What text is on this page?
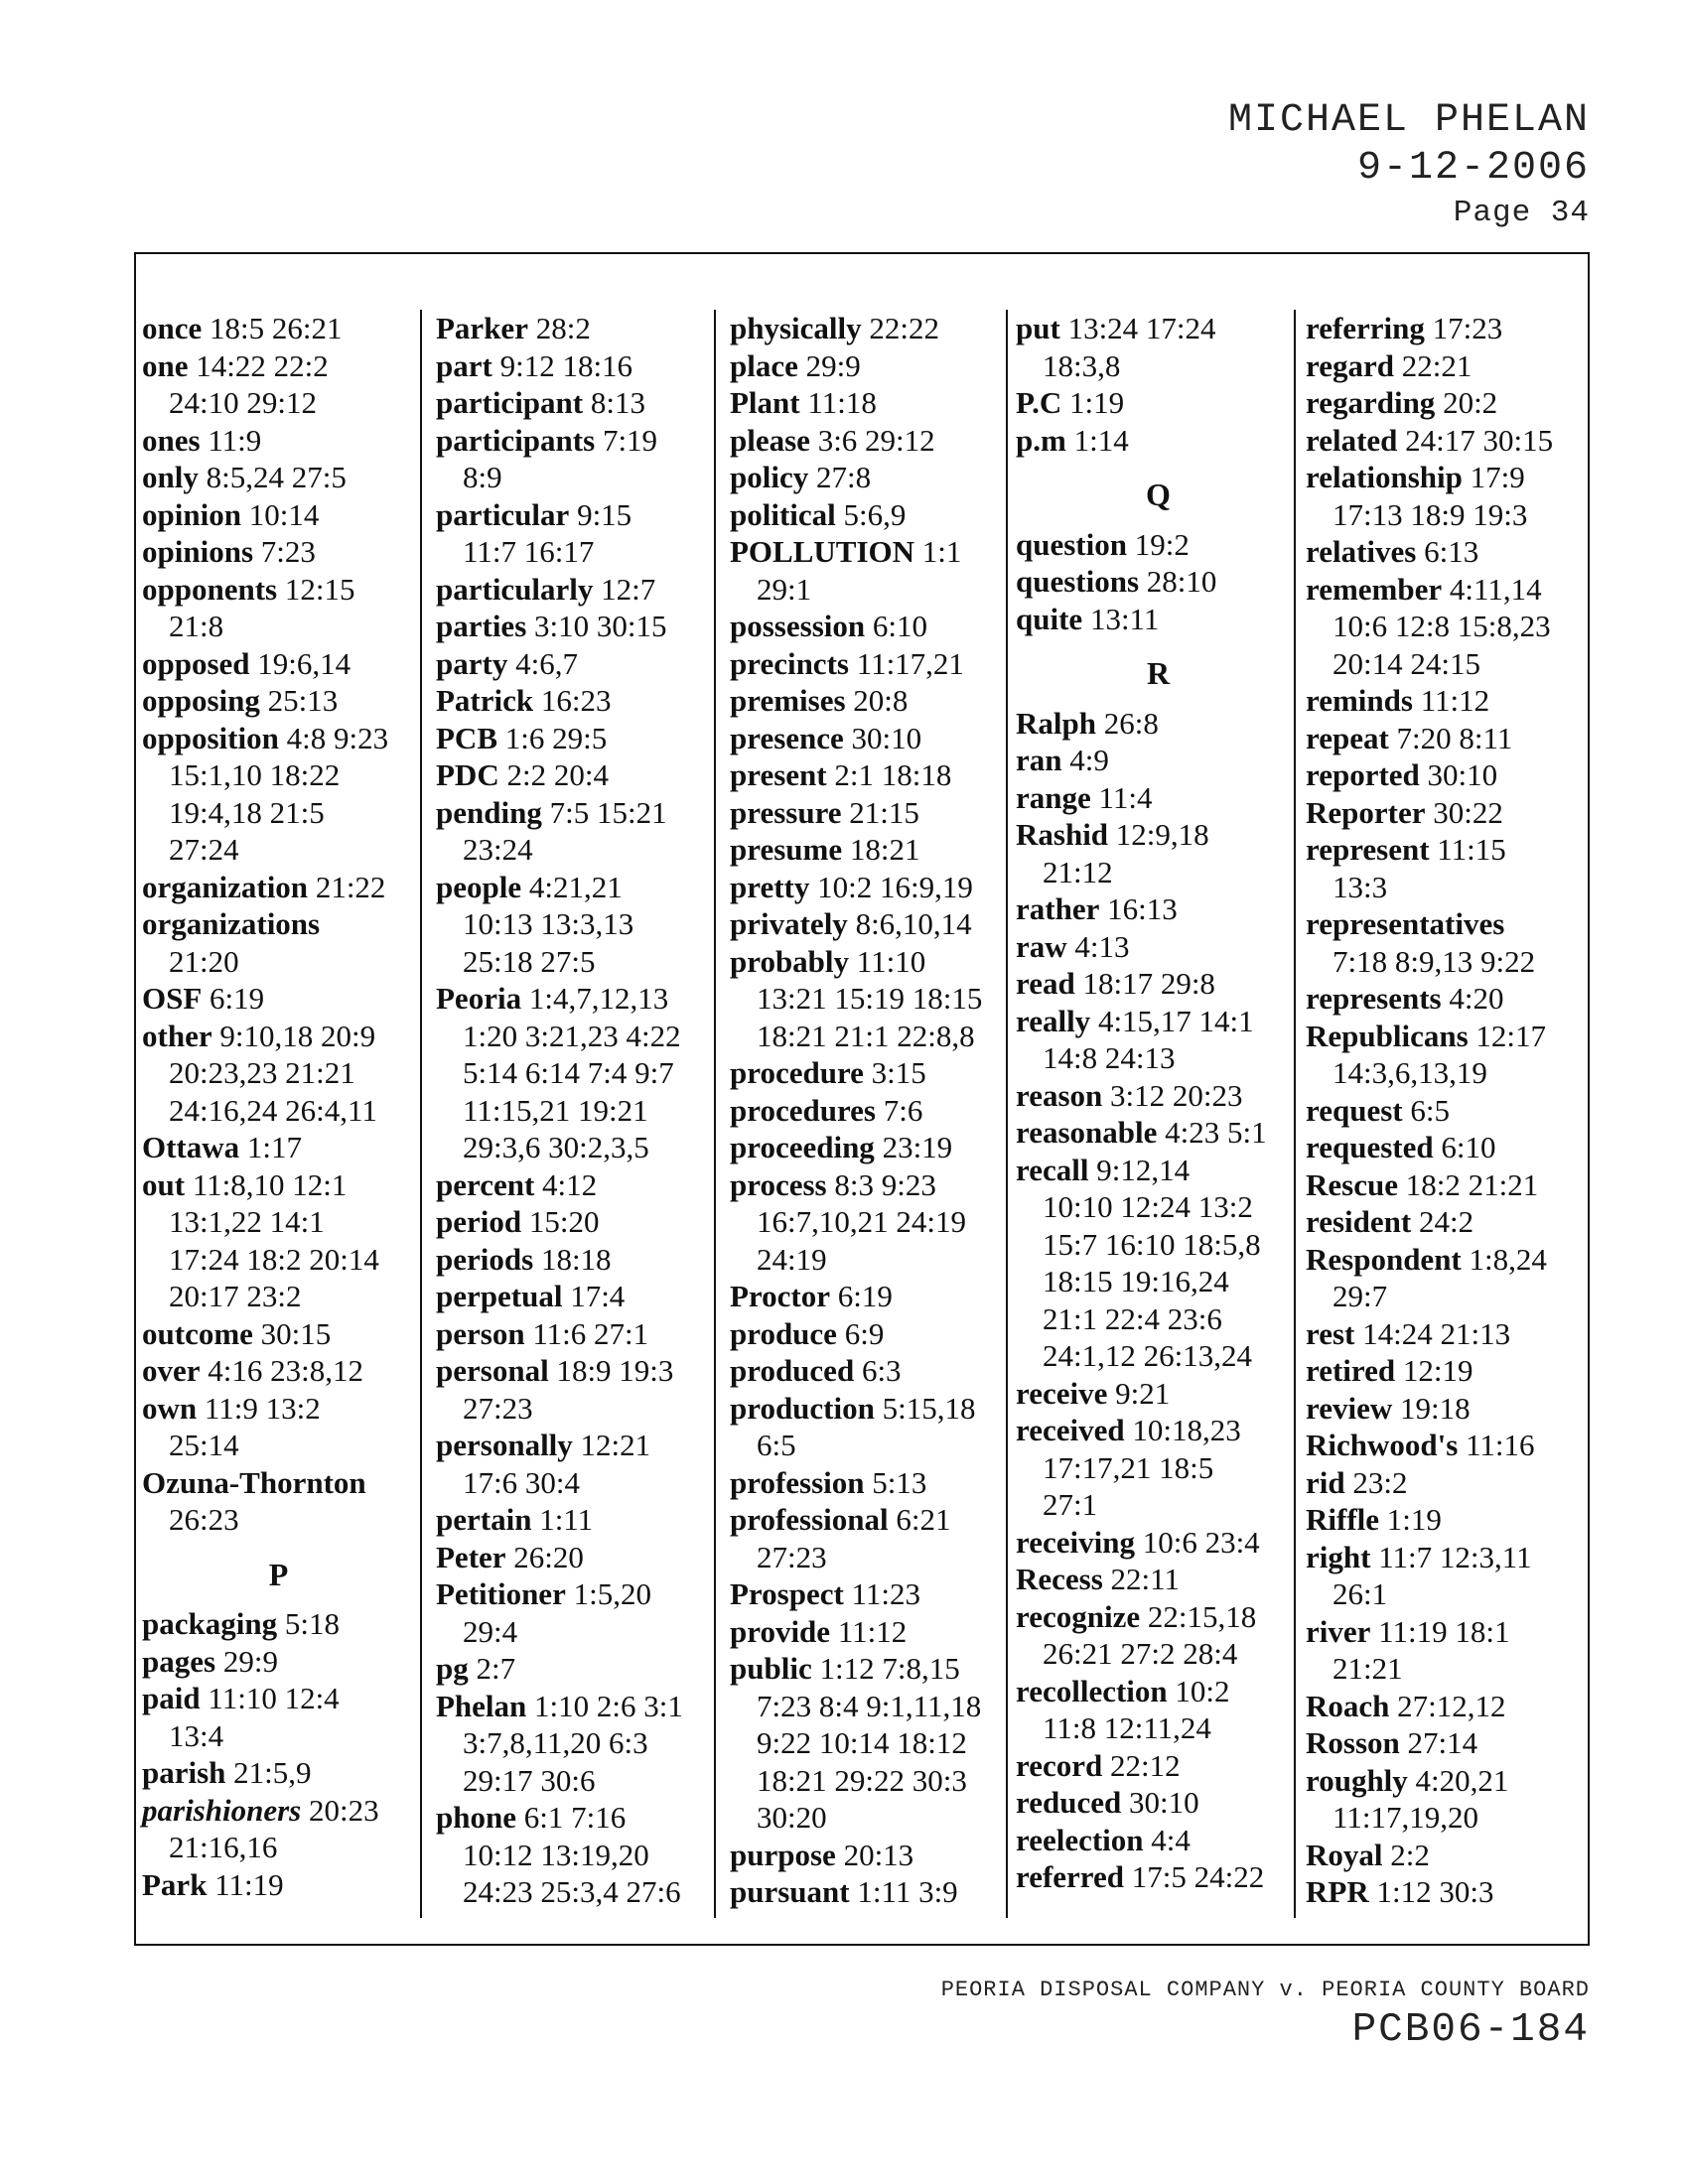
MICHAEL PHELAN
9-12-2006
Page 34
once 18:5 26:21
one 14:22 22:2
24:10 29:12
ones 11:9
only 8:5,24 27:5
opinion 10:14
opinions 7:23
opponents 12:15
21:8
opposed 19:6,14
opposing 25:13
opposition 4:8 9:23
15:1,10 18:22
19:4,18 21:5
27:24
organization 21:22
organizations
21:20
OSF 6:19
other 9:10,18 20:9
20:23,23 21:21
24:16,24 26:4,11
Ottawa 1:17
out 11:8,10 12:1
13:1,22 14:1
17:24 18:2 20:14
20:17 23:2
outcome 30:15
over 4:16 23:8,12
own 11:9 13:2
25:14
Ozuna-Thornton
26:23
P
packaging 5:18
pages 29:9
paid 11:10 12:4
13:4
parish 21:5,9
parishioners 20:23
21:16,16
Park 11:19
Parker 28:2
part 9:12 18:16
participant 8:13
participants 7:19
8:9
particular 9:15
11:7 16:17
particularly 12:7
parties 3:10 30:15
party 4:6,7
Patrick 16:23
PCB 1:6 29:5
PDC 2:2 20:4
pending 7:5 15:21
23:24
people 4:21,21
10:13 13:3,13
25:18 27:5
Peoria 1:4,7,12,13
1:20 3:21,23 4:22
5:14 6:14 7:4 9:7
11:15,21 19:21
29:3,6 30:2,3,5
percent 4:12
period 15:20
periods 18:18
perpetual 17:4
person 11:6 27:1
personal 18:9 19:3
27:23
personally 12:21
17:6 30:4
pertain 1:11
Peter 26:20
Petitioner 1:5,20
29:4
pg 2:7
Phelan 1:10 2:6 3:1
3:7,8,11,20 6:3
29:17 30:6
phone 6:1 7:16
10:12 13:19,20
24:23 25:3,4 27:6
physically 22:22
place 29:9
Plant 11:18
please 3:6 29:12
policy 27:8
political 5:6,9
POLLUTION 1:1
29:1
possession 6:10
precincts 11:17,21
premises 20:8
presence 30:10
present 2:1 18:18
pressure 21:15
presume 18:21
pretty 10:2 16:9,19
privately 8:6,10,14
probably 11:10
13:21 15:19 18:15
18:21 21:1 22:8,8
procedure 3:15
procedures 7:6
proceeding 23:19
process 8:3 9:23
16:7,10,21 24:19
24:19
Proctor 6:19
produce 6:9
produced 6:3
production 5:15,18
6:5
profession 5:13
professional 6:21
27:23
Prospect 11:23
provide 11:12
public 1:12 7:8,15
7:23 8:4 9:1,11,18
9:22 10:14 18:12
18:21 29:22 30:3
30:20
purpose 20:13
pursuant 1:11 3:9
put 13:24 17:24
18:3,8
P.C 1:19
p.m 1:14
Q
question 19:2
questions 28:10
quite 13:11
R
Ralph 26:8
ran 4:9
range 11:4
Rashid 12:9,18
21:12
rather 16:13
raw 4:13
read 18:17 29:8
really 4:15,17 14:1
14:8 24:13
reason 3:12 20:23
reasonable 4:23 5:1
recall 9:12,14
10:10 12:24 13:2
15:7 16:10 18:5,8
18:15 19:16,24
21:1 22:4 23:6
24:1,12 26:13,24
receive 9:21
received 10:18,23
17:17,21 18:5
27:1
receiving 10:6 23:4
Recess 22:11
recognize 22:15,18
26:21 27:2 28:4
recollection 10:2
11:8 12:11,24
record 22:12
reduced 30:10
reelection 4:4
referred 17:5 24:22
referring 17:23
regard 22:21
regarding 20:2
related 24:17 30:15
relationship 17:9
17:13 18:9 19:3
relatives 6:13
remember 4:11,14
10:6 12:8 15:8,23
20:14 24:15
reminds 11:12
repeat 7:20 8:11
reported 30:10
Reporter 30:22
represent 11:15
13:3
representatives
7:18 8:9,13 9:22
represents 4:20
Republicans 12:17
14:3,6,13,19
request 6:5
requested 6:10
Rescue 18:2 21:21
resident 24:2
Respondent 1:8,24
29:7
rest 14:24 21:13
retired 12:19
review 19:18
Richwood's 11:16
rid 23:2
Riffle 1:19
right 11:7 12:3,11
26:1
river 11:19 18:1
21:21
Roach 27:12,12
Rosson 27:14
roughly 4:20,21
11:17,19,20
Royal 2:2
RPR 1:12 30:3
PEORIA DISPOSAL COMPANY v. PEORIA COUNTY BOARD
PCB06-184
